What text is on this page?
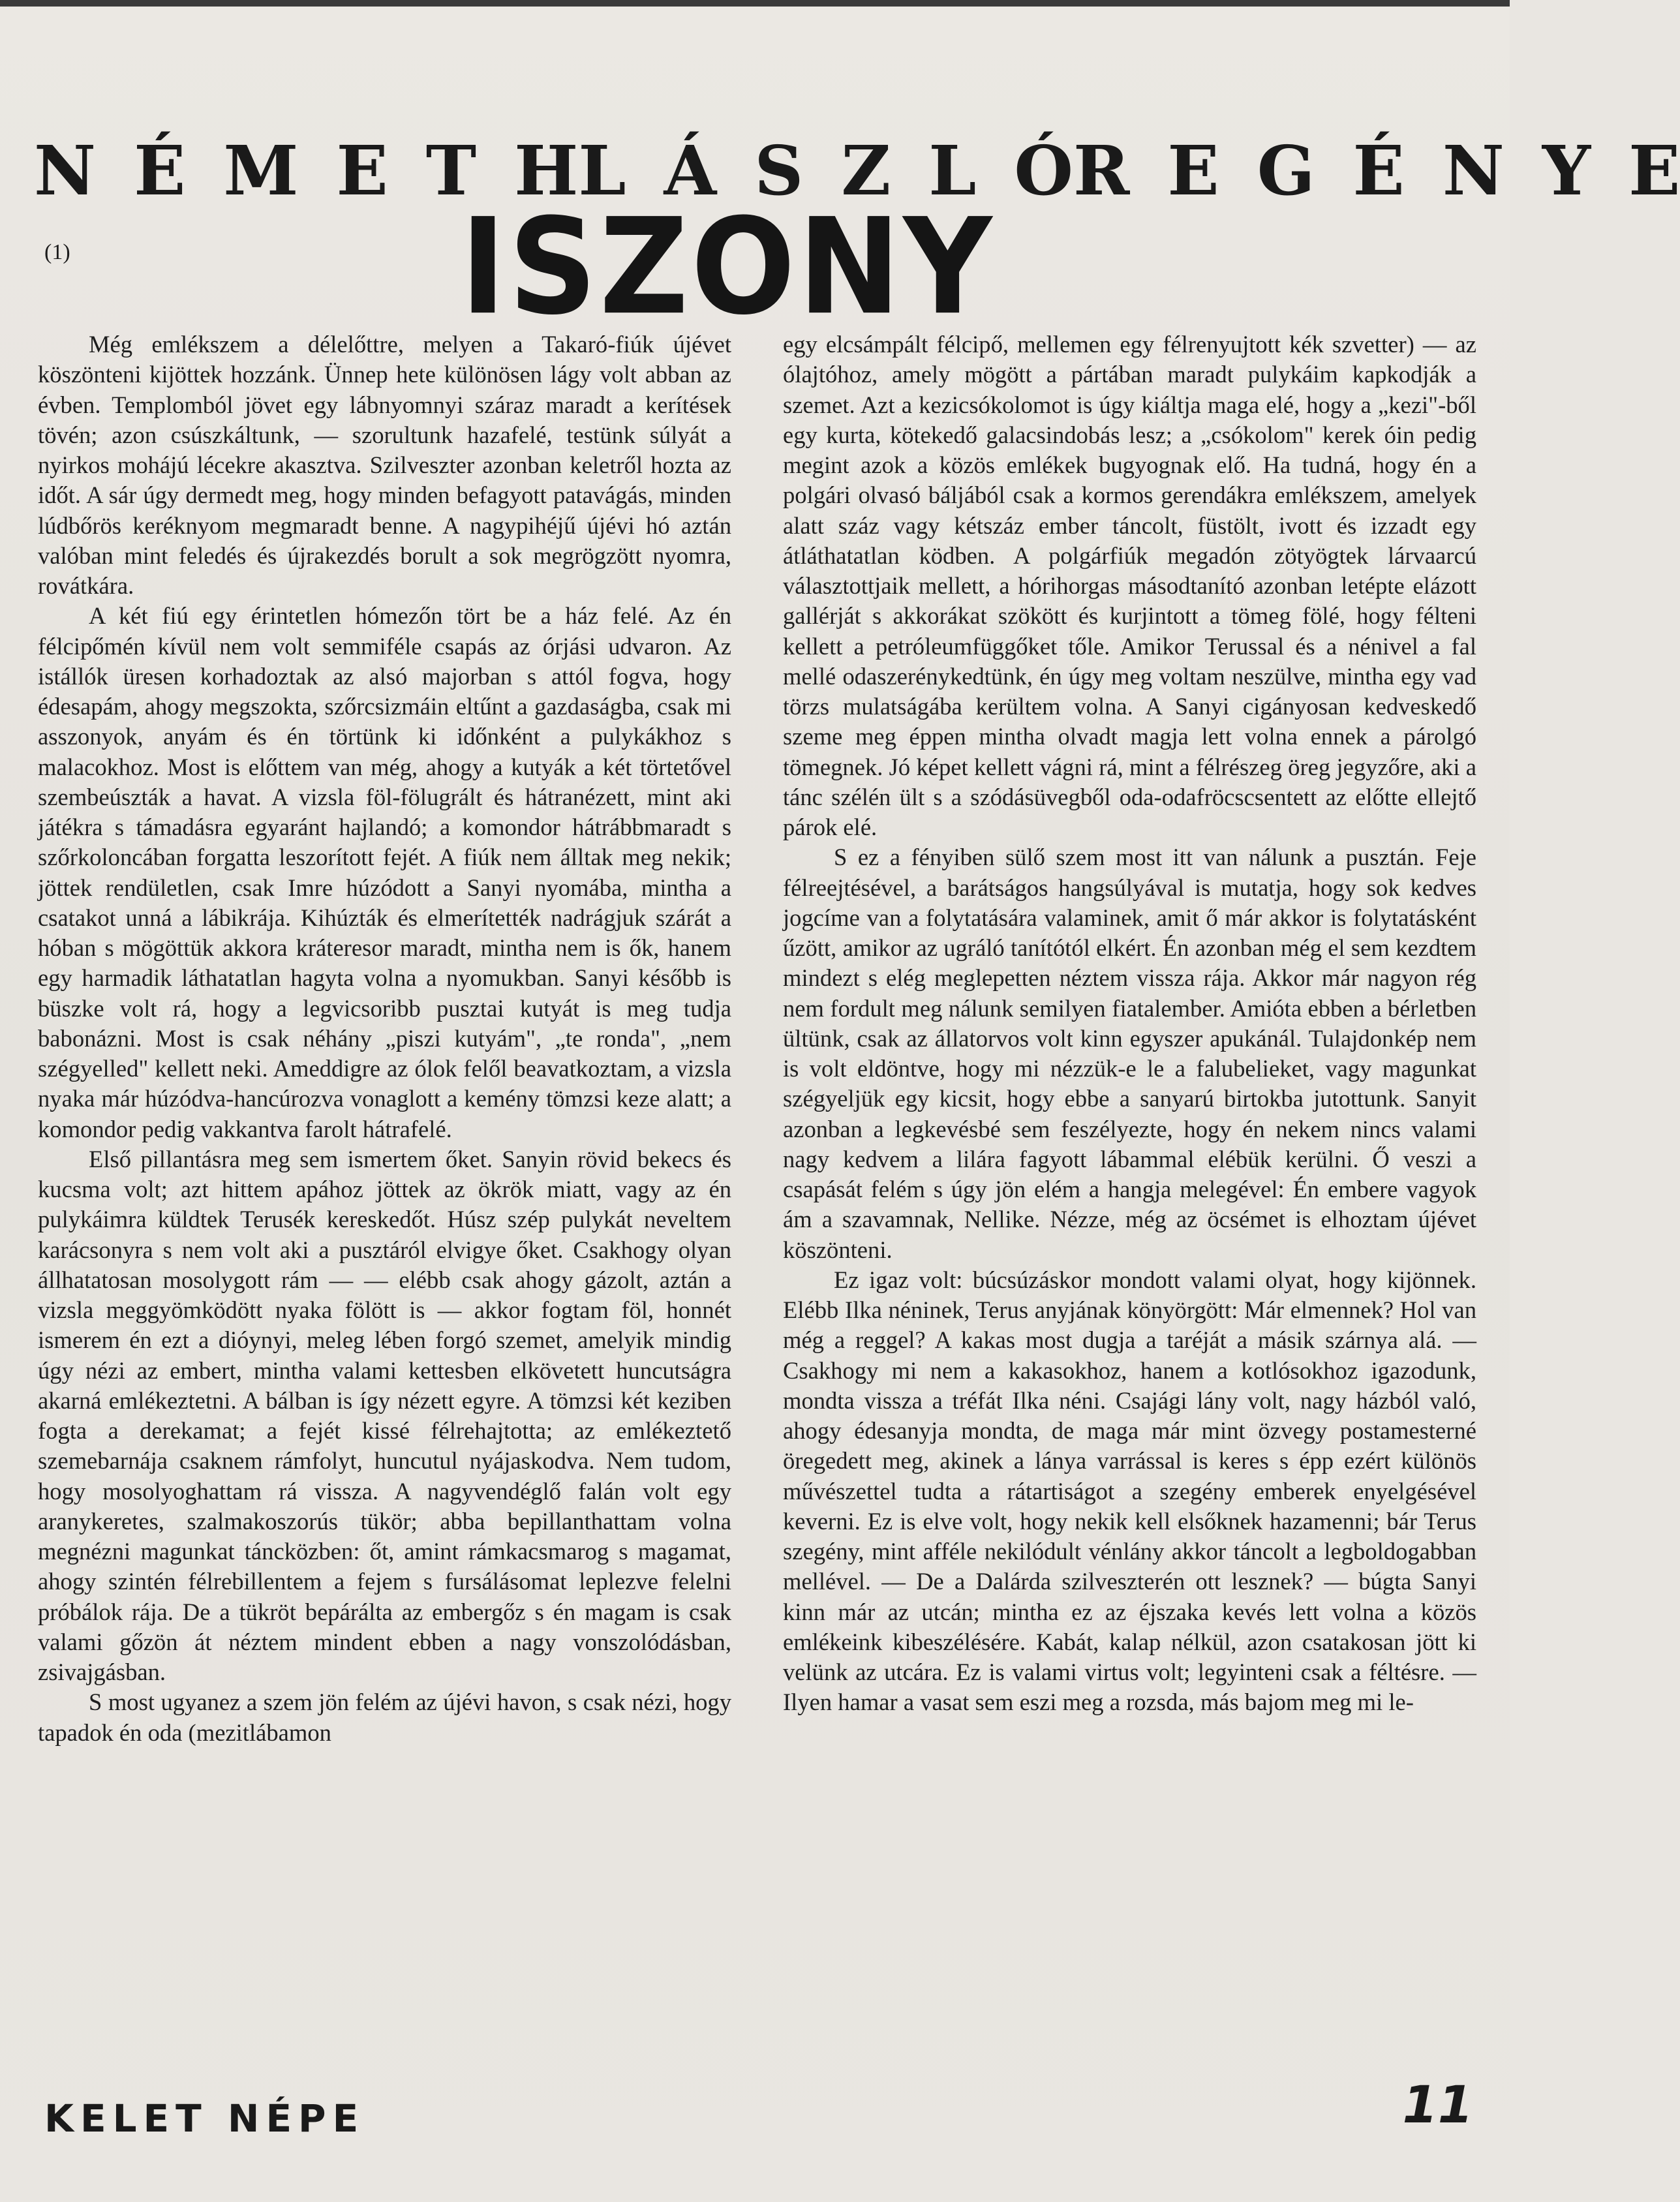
N É M E T H L Á S Z L Ó R E G É N Y E
(1)	ISZONY

Még emlékszem a délelőttre, melyen a Takaró-fiúk újévet köszönteni kijöttek hozzánk. Ünnep hete különösen lágy volt abban az évben. Templomból jövet egy lábnyomnyi száraz maradt a kerítések tövén; azon csúszkáltunk, — szorultunk hazafelé, testünk súlyát a nyirkos mohájú lécekre akasztva. Szilveszter azonban keletről hozta az időt. A sár úgy dermedt meg, hogy minden befagyott patavágás, minden lúdbőrös keréknyom megmaradt benne. A nagypihéjű újévi hó aztán valóban mint feledés és újrakezdés borult a sok megrögzött nyomra, rovátkára.

A két fiú egy érintetlen hómezőn tört be a ház felé. Az én félcipőmén kívül nem volt semmiféle csapás az órjási udvaron. Az istállók üresen korhadoztak az alsó majorban s attól fogva, hogy édesapám, ahogy megszokta, szőrcsizmáin eltűnt a gazdaságba, csak mi asszonyok, anyám és én törtünk ki időnként a pulykákhoz s malacokhoz. Most is előttem van még, ahogy a kutyák a két törtetővel szembeúszták a havat. A vizsla föl-fölugrált és hátranézett, mint aki játékra s támadásra egyaránt hajlandó; a komondor hátrábbmaradt s szőrkoloncában forgatta leszorított fejét. A fiúk nem álltak meg nekik; jöttek rendületlen, csak Imre húzódott a Sanyi nyomába, mintha a csatakot unná a lábikrája. Kihúzták és elmerítették nadrágjuk szárát a hóban s mögöttük akkora kráteresor maradt, mintha nem is ők, hanem egy harmadik láthatatlan hagyta volna a nyomukban. Sanyi később is büszke volt rá, hogy a legvicsoribb pusztai kutyát is meg tudja babonázni. Most is csak néhány „piszi kutyám", „te ronda", „nem szégyelled" kellett neki. Ameddigre az ólok felől beavatkoztam, a vizsla nyaka már húzódva-hancúrozva vonaglott a kemény tömzsi keze alatt; a komondor pedig vakkantva farolt hátrafelé.

Első pillantásra meg sem ismertem őket. Sanyin rövid bekecs és kucsma volt; azt hittem apához jöttek az ökrök miatt, vagy az én pulykáimra küldtek Terusék kereskedőt. Húsz szép pulykát neveltem karácsonyra s nem volt aki a pusztáról elvigye őket. Csakhogy olyan állhatatosan mosolygott rám — — elébb csak ahogy gázolt, aztán a vizsla meggyömködött nyaka fölött is — akkor fogtam föl, honnét ismerem én ezt a dióynyi, meleg lében forgó szemet, amelyik mindig úgy nézi az embert, mintha valami kettesben elkövetett huncutságra akarná emlékeztetni. A bálban is így nézett egyre. A tömzsi két keziben fogta a derekamat; a fejét kissé félrehajtotta; az emlékeztető szemebarnája csaknem rámfolyt, huncutul nyájaskodva. Nem tudom, hogy mosolyoghattam rá vissza. A nagyvendéglő falán volt egy aranykeretes, szalmakoszorús tükör; abba bepillanthattam volna megnézni magunkat táncközben: őt, amint rámkacsmarog s magamat, ahogy szintén félrebillentem a fejem s fursálásomat leplezve felelni próbálok rája. De a tükröt bepárálta az embergőz s én magam is csak valami gőzön át néztem mindent ebben a nagy vonszolódásban, zsivajgásban.

S most ugyanez a szem jön felém az újévi havon, s csak nézi, hogy tapadok én oda (mezitlábamon

egy elcsámpált félcipő, mellemen egy félrenyujtott kék szvetter) — az ólajtóhoz, amely mögött a pártában maradt pulykáim kapkodják a szemet. Azt a kezicsókolomot is úgy kiáltja maga elé, hogy a „kezi"-ből egy kurta, kötekedő galacsindobás lesz; a „csókolom" kerek óin pedig megint azok a közös emlékek bugyognak elő. Ha tudná, hogy én a polgári olvasó báljából csak a kormos gerendákra emlékszem, amelyek alatt száz vagy kétszáz ember táncolt, füstölt, ivott és izzadt egy átláthatatlan ködben. A polgárfiúk megadón zötyögtek lárvaarcú választottjaik mellett, a hórihorgas másodtanító azonban letépte elázott gallérját s akkorákat szökött és kurjintott a tömeg fölé, hogy félteni kellett a petróleumfüggőket tőle. Amikor Terussal és a nénivel a fal mellé odaszerénykedtünk, én úgy meg voltam neszülve, mintha egy vad törzs mulatságába kerültem volna. A Sanyi cigányosan kedveskedő szeme meg éppen mintha olvadt magja lett volna ennek a párolgó tömegnek. Jó képet kellett vágni rá, mint a félrészeg öreg jegyzőre, aki a tánc szélén ült s a szódásüvegből oda-odafröcscsentett az előtte ellejtő párok elé.

S ez a fényiben sülő szem most itt van nálunk a pusztán. Feje félreejtésével, a barátságos hangsúlyával is mutatja, hogy sok kedves jogcíme van a folytatására valaminek, amit ő már akkor is folytatásként űzött, amikor az ugráló tanítótól elkért. Én azonban még el sem kezdtem mindezt s elég meglepetten néztem vissza rája. Akkor már nagyon rég nem fordult meg nálunk semilyen fiatalember. Amióta ebben a bérletben ültünk, csak az állatorvos volt kinn egyszer apukánál. Tulajdonkép nem is volt eldöntve, hogy mi nézzük-e le a falubelieket, vagy magunkat szégyeljük egy kicsit, hogy ebbe a sanyarú birtokba jutottunk. Sanyit azonban a legkevésbé sem feszélyezte, hogy én nekem nincs valami nagy kedvem a lilára fagyott lábammal elébük kerülni. Ő veszi a csapását felém s úgy jön elém a hangja melegével: Én embere vagyok ám a szavamnak, Nellike. Nézze, még az öcsémet is elhoztam újévet köszönteni.

Ez igaz volt: búcsúzáskor mondott valami olyat, hogy kijönnek. Elébb Ilka néninek, Terus anyjának könyörgött: Már elmennek? Hol van még a reggel? A kakas most dugja a taréját a másik szárnya alá. — Csakhogy mi nem a kakasokhoz, hanem a kotlósokhoz igazodunk, mondta vissza a tréfát Ilka néni. Csajági lány volt, nagy házból való, ahogy édesanyja mondta, de maga már mint özvegy postamesterné öregedett meg, akinek a lánya varrással is keres s épp ezért különös művészettel tudta a rátartiságot a szegény emberek enyelgésével keverni. Ez is elve volt, hogy nekik kell elsőknek hazamenni; bár Terus szegény, mint afféle nekilódult vénlány akkor táncolt a legboldogabban mellével. — De a Dalárda szilveszterén ott lesznek? — búgta Sanyi kinn már az utcán; mintha ez az éjszaka kevés lett volna a közös emlékeink kibeszélésére. Kabát, kalap nélkül, azon csatakosan jött ki velünk az utcára. Ez is valami virtus volt; legyinteni csak a féltésre. — Ilyen hamar a vasat sem eszi meg a rozsda, más bajom meg mi le-

KELET NÉPE	11
